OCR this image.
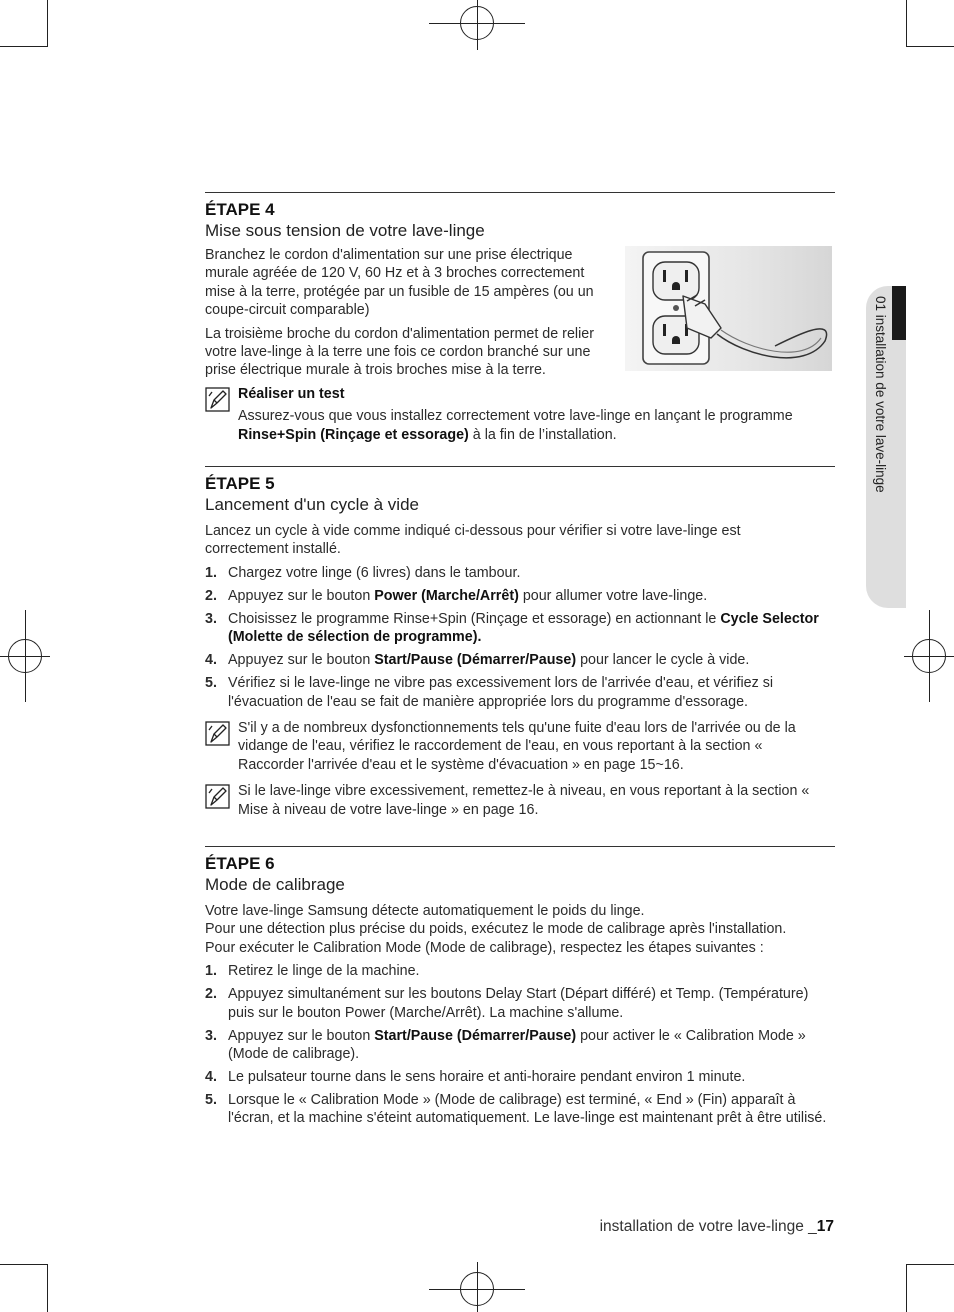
01 installation de votre lave-linge
ÉTAPE 4
Mise sous tension de votre lave-linge

Branchez le cordon d'alimentation sur une prise électrique murale agréée de 120 V, 60 Hz et à 3 broches correctement mise à la terre, protégée par un fusible de 15 ampères (ou un coupe-circuit comparable)

La troisième broche du cordon d'alimentation permet de relier votre lave-linge à la terre une fois ce cordon branché sur une prise électrique murale à trois broches mise à la terre.

Réaliser un test
Assurez-vous que vous installez correctement votre lave-linge en lançant le programme Rinse+Spin (Rinçage et essorage) à la fin de l’installation.
ÉTAPE 5
Lancement d'un cycle à vide

Lancez un cycle à vide comme indiqué ci-dessous pour vérifier si votre lave-linge est correctement installé.

1. Chargez votre linge (6 livres) dans le tambour.
2. Appuyez sur le bouton Power (Marche/Arrêt) pour allumer votre lave-linge.
3. Choisissez le programme Rinse+Spin (Rinçage et essorage) en actionnant le Cycle Selector (Molette de sélection de programme).
4. Appuyez sur le bouton Start/Pause (Démarrer/Pause) pour lancer le cycle à vide.
5. Vérifiez si le lave-linge ne vibre pas excessivement lors de l'arrivée d'eau, et vérifiez si l'évacuation de l'eau se fait de manière appropriée lors du programme d'essorage.
S'il y a de nombreux dysfonctionnements tels qu'une fuite d'eau lors de l'arrivée ou de la vidange de l'eau, vérifiez le raccordement de l'eau, en vous reportant à la section « Raccorder l'arrivée d'eau et le système d'évacuation » en page 15~16.
Si le lave-linge vibre excessivement, remettez-le à niveau, en vous reportant à la section « Mise à niveau de votre lave-linge » en page 16.
ÉTAPE 6
Mode de calibrage
Votre lave-linge Samsung détecte automatiquement le poids du linge.
Pour une détection plus précise du poids, exécutez le mode de calibrage après l'installation.
Pour exécuter le Calibration Mode (Mode de calibrage), respectez les étapes suivantes :
1. Retirez le linge de la machine.
2. Appuyez simultanément sur les boutons Delay Start (Départ différé) et Temp. (Température) puis sur le bouton Power (Marche/Arrêt). La machine s'allume.
3. Appuyez sur le bouton Start/Pause (Démarrer/Pause) pour activer le « Calibration Mode » (Mode de calibrage).
4. Le pulsateur tourne dans le sens horaire et anti-horaire pendant environ 1 minute.
5. Lorsque le « Calibration Mode » (Mode de calibrage) est terminé, « End » (Fin) apparaît à l'écran, et la machine s'éteint automatiquement. Le lave-linge est maintenant prêt à être utilisé.
installation de votre lave-linge _17
